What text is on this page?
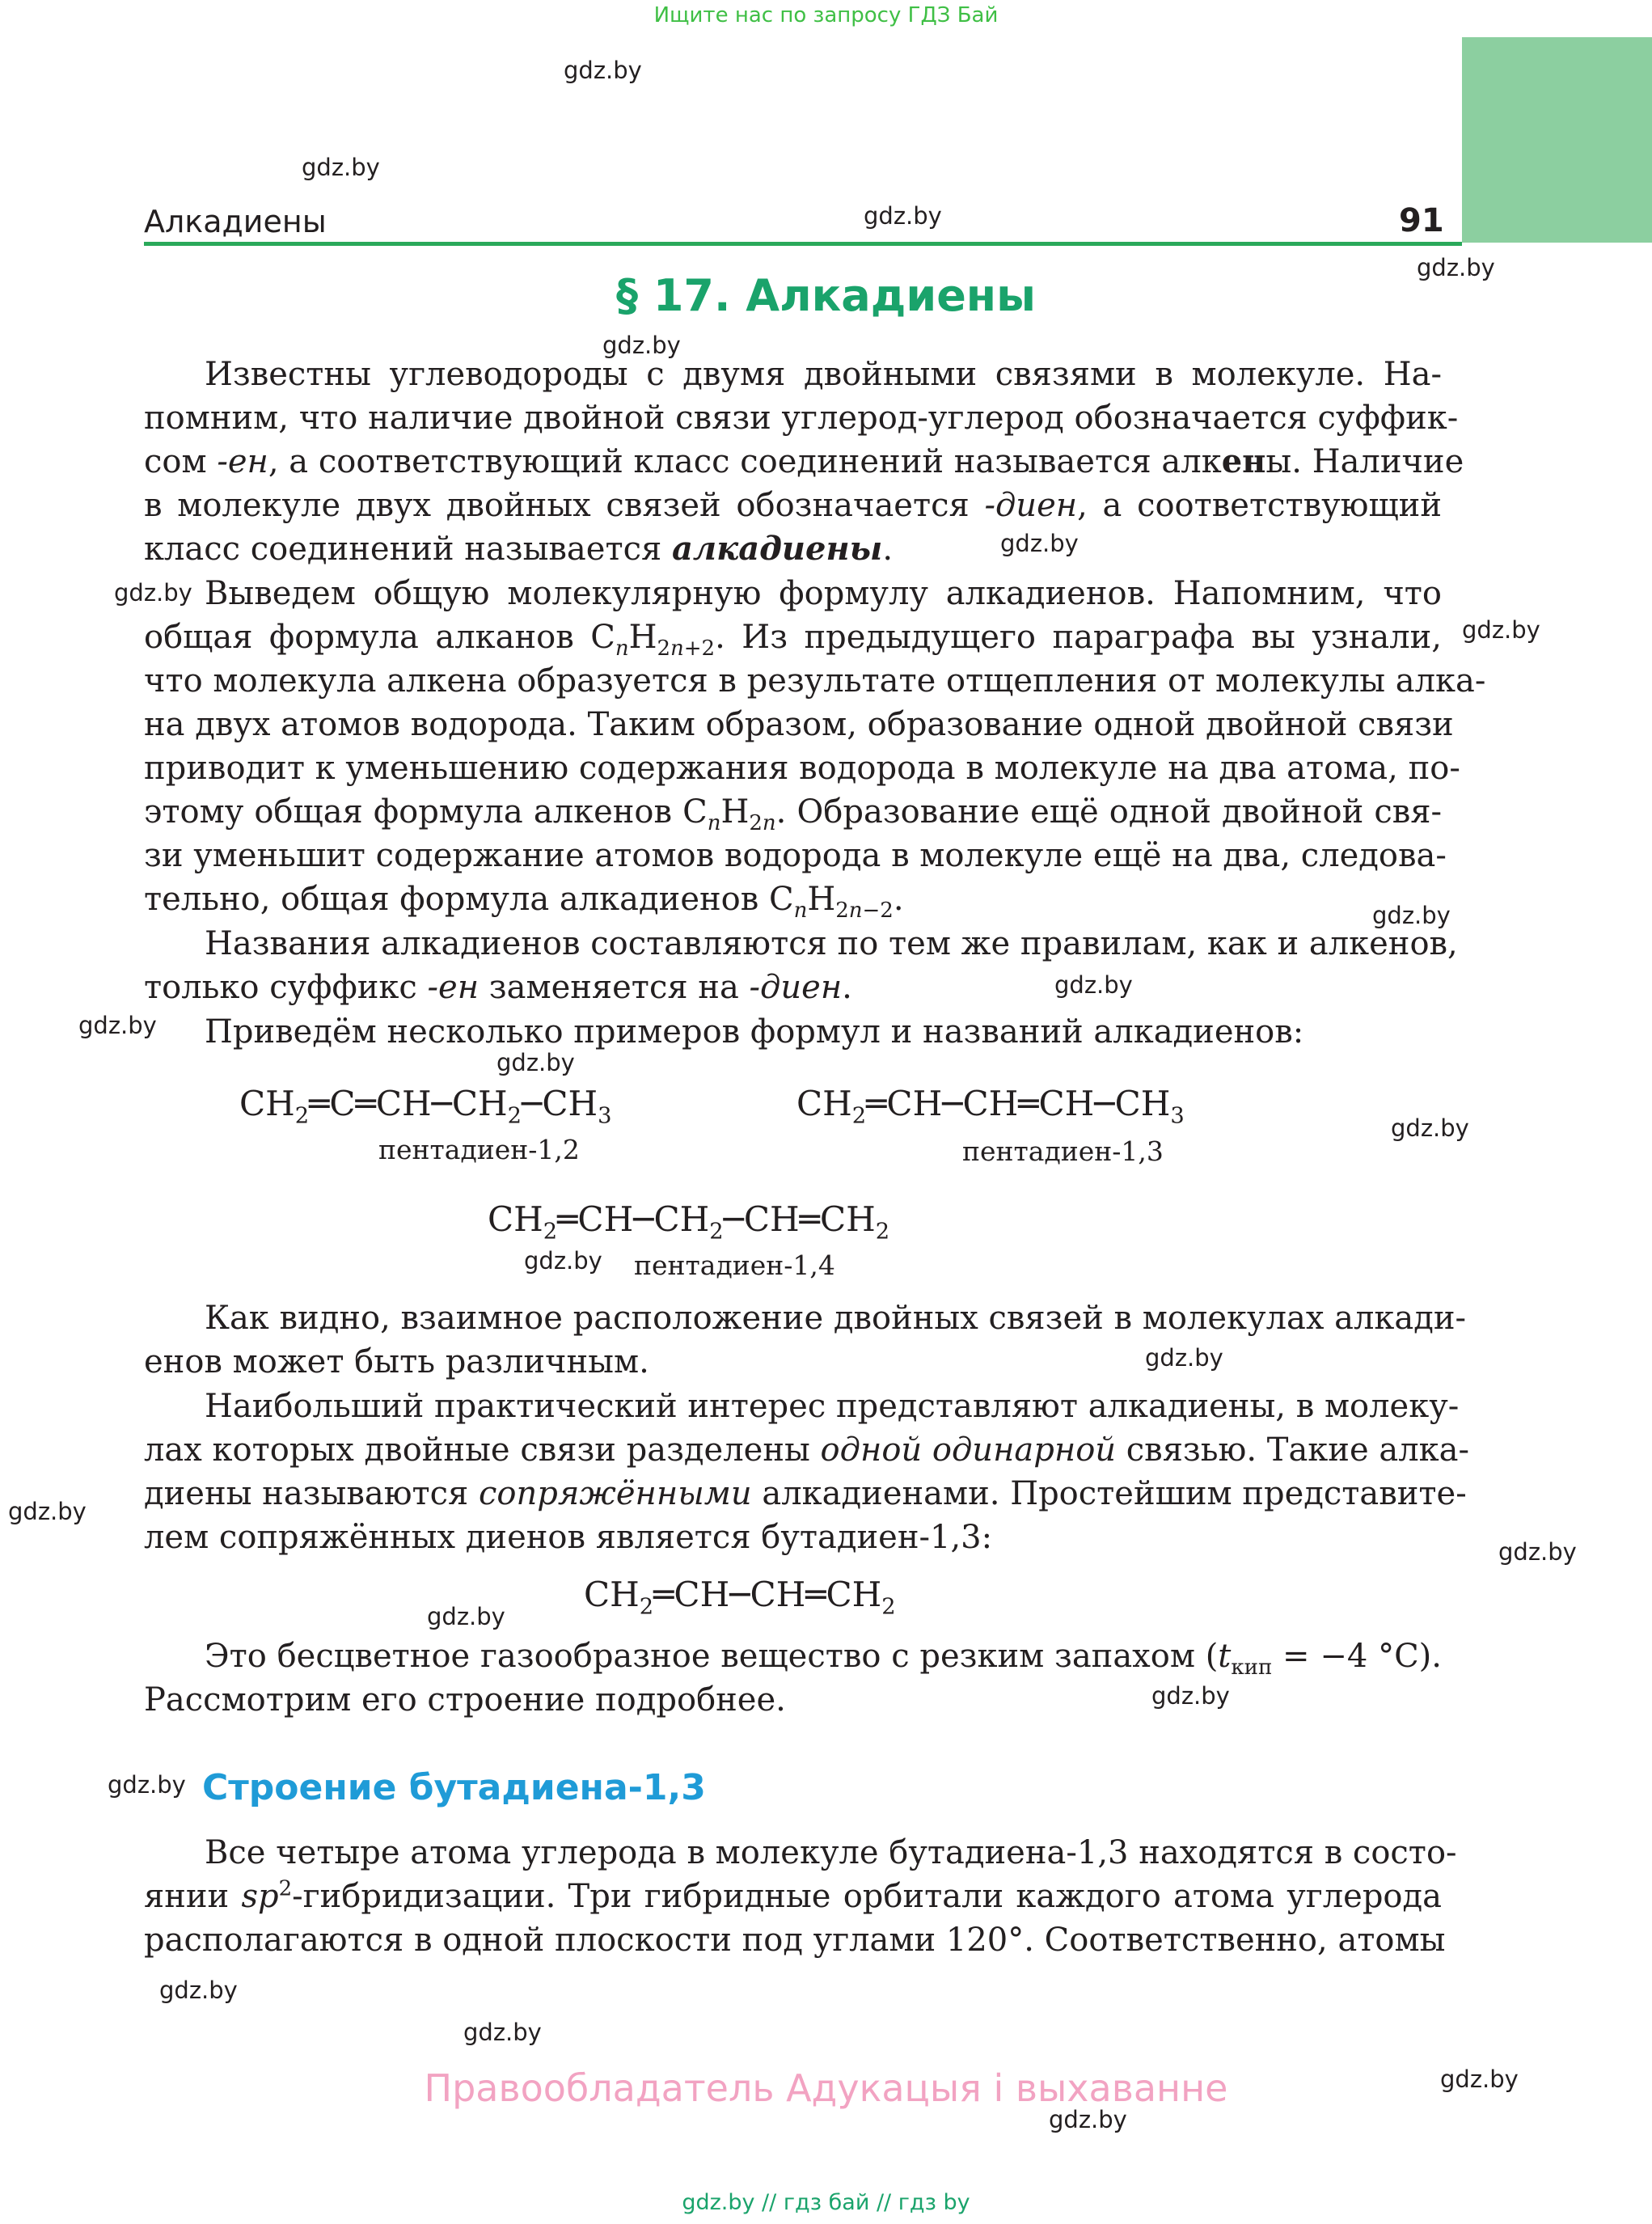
Ищите нас по запросу ГДЗ Бай
Алкадиены	91
§ 17. Алкадиены
Известны углеводороды с двумя двойными связями в молекуле. На-
помним, что наличие двойной связи углерод-углерод обозначается суффик-
сом -ен, а соответствующий класс соединений называется алкены. Наличие
в молекуле двух двойных связей обозначается -диен, а соответствующий
класс соединений называется алкадиены.
Выведем общую молекулярную формулу алкадиенов. Напомним, что
общая формула алканов $C_nH_{2n+2}$. Из предыдущего параграфа вы узнали,
что молекула алкена образуется в результате отщепления от молекулы алка-
на двух атомов водорода. Таким образом, образование одной двойной связи
приводит к уменьшению содержания водорода в молекуле на два атома, по-
этому общая формула алкенов $C_nH_{2n}$. Образование ещё одной двойной свя-
зи уменьшит содержание атомов водорода в молекуле ещё на два, следова-
тельно, общая формула алкадиенов $C_nH_{2n-2}$.
Названия алкадиенов составляются по тем же правилам, как и алкенов,
только суффикс -ен заменяется на -диен.
Приведём несколько примеров формул и названий алкадиенов:
$CH_2═C═CH─CH_2─CH_3$
пентадиен-1,2
$CH_2═CH─CH═CH─CH_3$
пентадиен-1,3
$CH_2═CH─CH_2─CH═CH_2$
пентадиен-1,4
Как видно, взаимное расположение двойных связей в молекулах алкади-
енов может быть различным.
Наибольший практический интерес представляют алкадиены, в молеку-
лах которых двойные связи разделены одной одинарной связью. Такие алка-
диены называются сопряжёнными алкадиенами. Простейшим представите-
лем сопряжённых диенов является бутадиен-1,3:
$CH_2═CH─CH═CH_2$
Это бесцветное газообразное вещество с резким запахом ($t_{кип} = -4$ °C).
Рассмотрим его строение подробнее.
Строение бутадиена-1,3
Все четыре атома углерода в молекуле бутадиена-1,3 находятся в состо-
янии $sp^2$-гибридизации. Три гибридные орбитали каждого атома углерода
располагаются в одной плоскости под углами 120°. Соответственно, атомы
Правообладатель Адукацыя і выхаванне
gdz.by // гдз бай // гдз by
gdz.by
gdz.by
gdz.by
gdz.by
gdz.by
gdz.by
gdz.by
gdz.by
gdz.by
gdz.by
gdz.by
gdz.by
gdz.by
gdz.by
gdz.by
gdz.by
gdz.by
gdz.by
gdz.by
gdz.by
gdz.by
gdz.by
gdz.by
gdz.by
